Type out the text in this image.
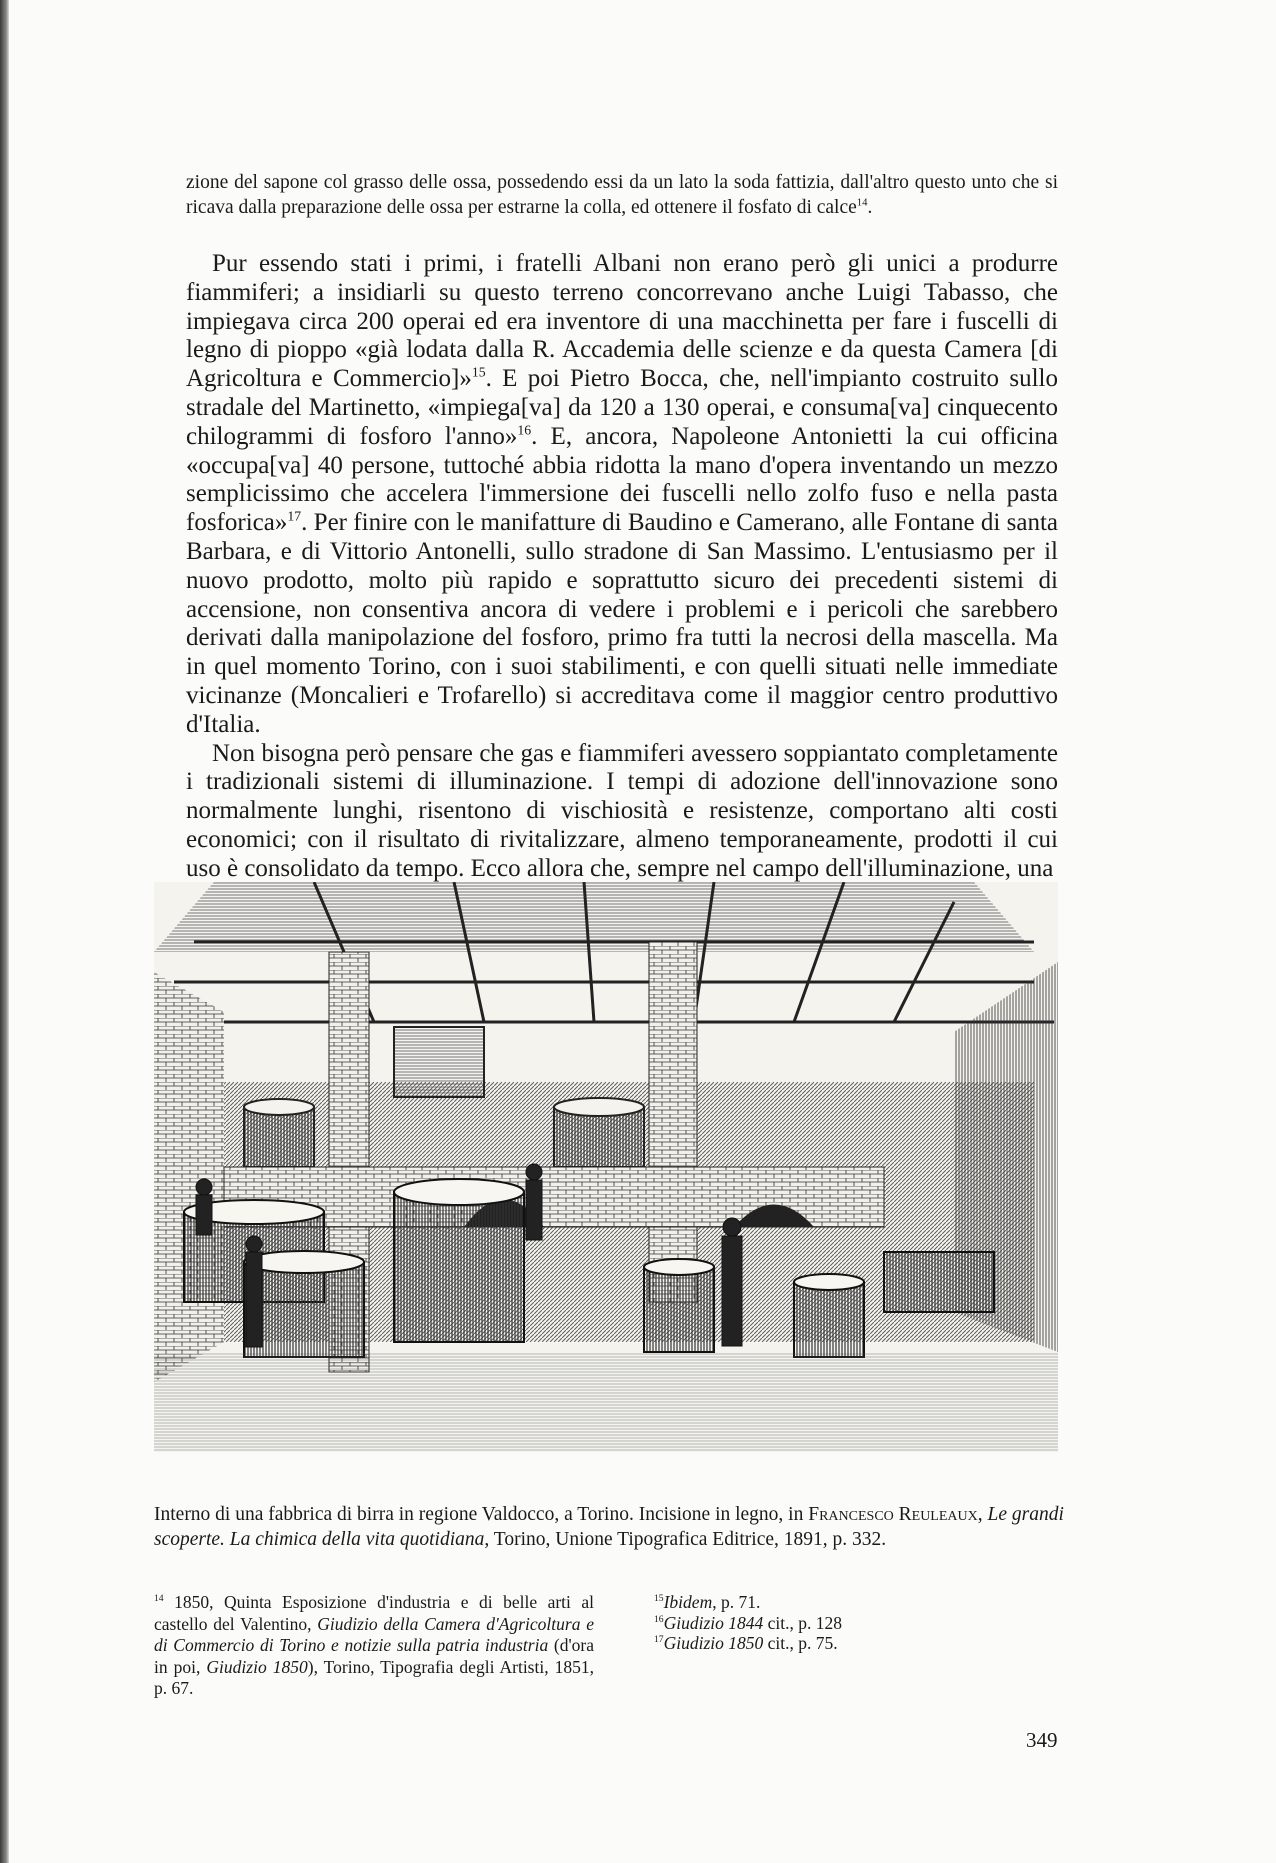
zione del sapone col grasso delle ossa, possedendo essi da un lato la soda fattizia, dall'altro questo unto che si ricava dalla preparazione delle ossa per estrarne la colla, ed ottenere il fosfato di calce$^{14}$.

Pur essendo stati i primi, i fratelli Albani non erano però gli unici a produrre fiammiferi; a insidiarli su questo terreno concorrevano anche Luigi Tabasso, che impiegava circa 200 operai ed era inventore di una macchinetta per fare i fuscelli di legno di pioppo «già lodata dalla R. Accademia delle scienze e da questa Camera [di Agricoltura e Commercio]»$^{15}$. E poi Pietro Bocca, che, nell'impianto costruito sullo stradale del Martinetto, «impiega[va] da 120 a 130 operai, e consuma[va] cinquecento chilogrammi di fosforo l'anno»$^{16}$. E, ancora, Napoleone Antonietti la cui officina «occupa[va] 40 persone, tuttoché abbia ridotta la mano d'opera inventando un mezzo semplicissimo che accelera l'immersione dei fuscelli nello zolfo fuso e nella pasta fosforica»$^{17}$. Per finire con le manifatture di Baudino e Camerano, alle Fontane di santa Barbara, e di Vittorio Antonelli, sullo stradone di San Massimo. L'entusiasmo per il nuovo prodotto, molto più rapido e soprattutto sicuro dei precedenti sistemi di accensione, non consentiva ancora di vedere i problemi e i pericoli che sarebbero derivati dalla manipolazione del fosforo, primo fra tutti la necrosi della mascella. Ma in quel momento Torino, con i suoi stabilimenti, e con quelli situati nelle immediate vicinanze (Moncalieri e Trofarello) si accreditava come il maggior centro produttivo d'Italia.

Non bisogna però pensare che gas e fiammiferi avessero soppiantato completamente i tradizionali sistemi di illuminazione. I tempi di adozione dell'innovazione sono normalmente lunghi, risentono di vischiosità e resistenze, comportano alti costi economici; con il risultato di rivitalizzare, almeno temporaneamente, prodotti il cui uso è consolidato da tempo. Ecco allora che, sempre nel campo dell'illuminazione, una

Interno di una fabbrica di birra in regione Valdocco, a Torino. Incisione in legno, in Francesco Reuleaux, Le grandi scoperte. La chimica della vita quotidiana, Torino, Unione Tipografica Editrice, 1891, p. 332.

$^{14}$ 1850, Quinta Esposizione d'industria e di belle arti al castello del Valentino, Giudizio della Camera d'Agricoltura e di Commercio di Torino e notizie sulla patria industria (d'ora in poi, Giudizio 1850), Torino, Tipografia degli Artisti, 1851, p. 67.
$^{15}$Ibidem, p. 71.
$^{16}$Giudizio 1844 cit., p. 128
$^{17}$Giudizio 1850 cit., p. 75.
349
